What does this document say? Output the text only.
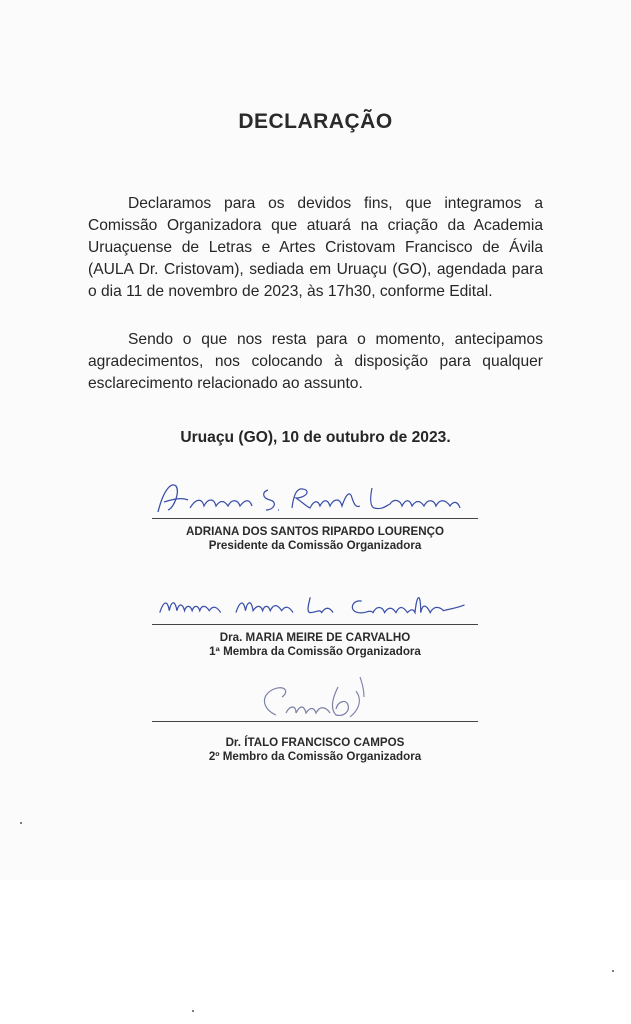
DECLARAÇÃO

Declaramos para os devidos fins, que integramos a Comissão Organizadora que atuará na criação da Academia Uruaçuense de Letras e Artes Cristovam Francisco de Ávila (AULA Dr. Cristovam), sediada em Uruaçu (GO), agendada para o dia 11 de novembro de 2023, às 17h30, conforme Edital.

Sendo o que nos resta para o momento, antecipamos agradecimentos, nos colocando à disposição para qualquer esclarecimento relacionado ao assunto.

Uruaçu (GO), 10 de outubro de 2023.
ADRIANA DOS SANTOS RIPARDO LOURENÇO
Presidente da Comissão Organizadora
Dra. MARIA MEIRE DE CARVALHO
1ª Membra da Comissão Organizadora
Dr. ÍTALO FRANCISCO CAMPOS
2º Membro da Comissão Organizadora
